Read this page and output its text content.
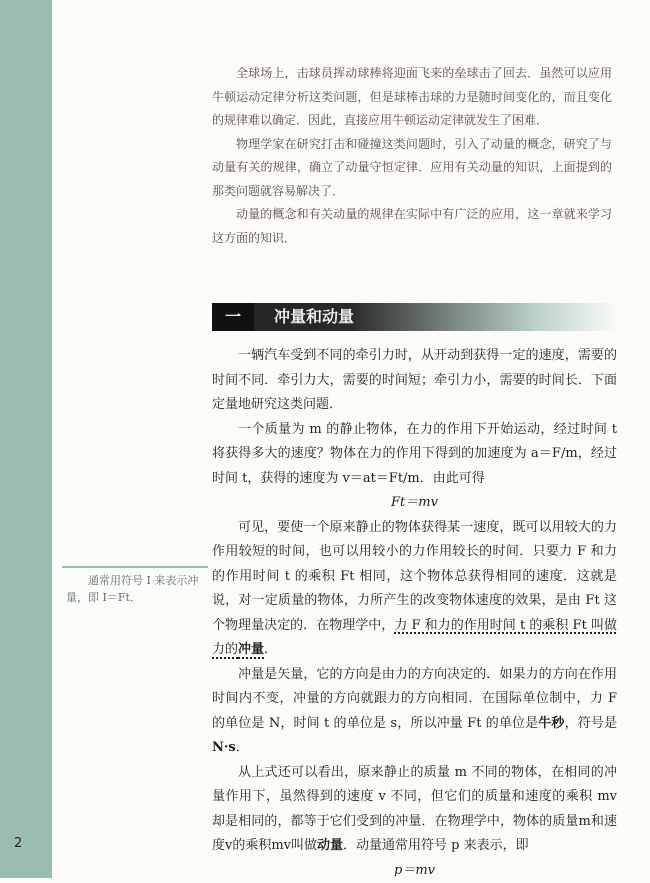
2

全球场上，击球员挥动球棒将迎面飞来的垒球击了回去．虽然可以应用牛顿运动定律分析这类问题，但是球棒击球的力是随时间变化的，而且变化的规律难以确定．因此，直接应用牛顿运动定律就发生了困难．

物理学家在研究打击和碰撞这类问题时，引入了动量的概念，研究了与动量有关的规律，确立了动量守恒定律．应用有关动量的知识，上面提到的那类问题就容易解决了．

动量的概念和有关动量的规律在实际中有广泛的应用，这一章就来学习这方面的知识．

一	冲量和动量

一辆汽车受到不同的牵引力时，从开动到获得一定的速度，需要的时间不同．牵引力大，需要的时间短；牵引力小，需要的时间长．下面定量地研究这类问题．

一个质量为 m 的静止物体，在力的作用下开始运动，经过时间 t 将获得多大的速度？物体在力的作用下得到的加速度为 a＝F/m，经过时间 t，获得的速度为 v＝at＝Ft/m．由此可得

Ft＝mv

可见，要使一个原来静止的物体获得某一速度，既可以用较大的力作用较短的时间，也可以用较小的力作用较长的时间．只要力 F 和力的作用时间 t 的乘积 Ft 相同，这个物体总获得相同的速度．这就是说，对一定质量的物体，力所产生的改变物体速度的效果，是由 Ft 这个物理量决定的．在物理学中，力 F 和力的作用时间 t 的乘积 Ft 叫做力的冲量．

冲量是矢量，它的方向是由力的方向决定的．如果力的方向在作用时间内不变，冲量的方向就跟力的方向相同．在国际单位制中，力 F 的单位是 N，时间 t 的单位是 s，所以冲量 Ft 的单位是牛秒，符号是 N·s．

从上式还可以看出，原来静止的质量 m 不同的物体，在相同的冲量作用下，虽然得到的速度 v 不同，但它们的质量和速度的乘积 mv 却是相同的，都等于它们受到的冲量．在物理学中，物体的质量m和速度v的乘积mv叫做动量．动量通常用符号 p 来表示，即

p＝mv

通常用符号 I 来表示冲量，即 I＝Ft．
